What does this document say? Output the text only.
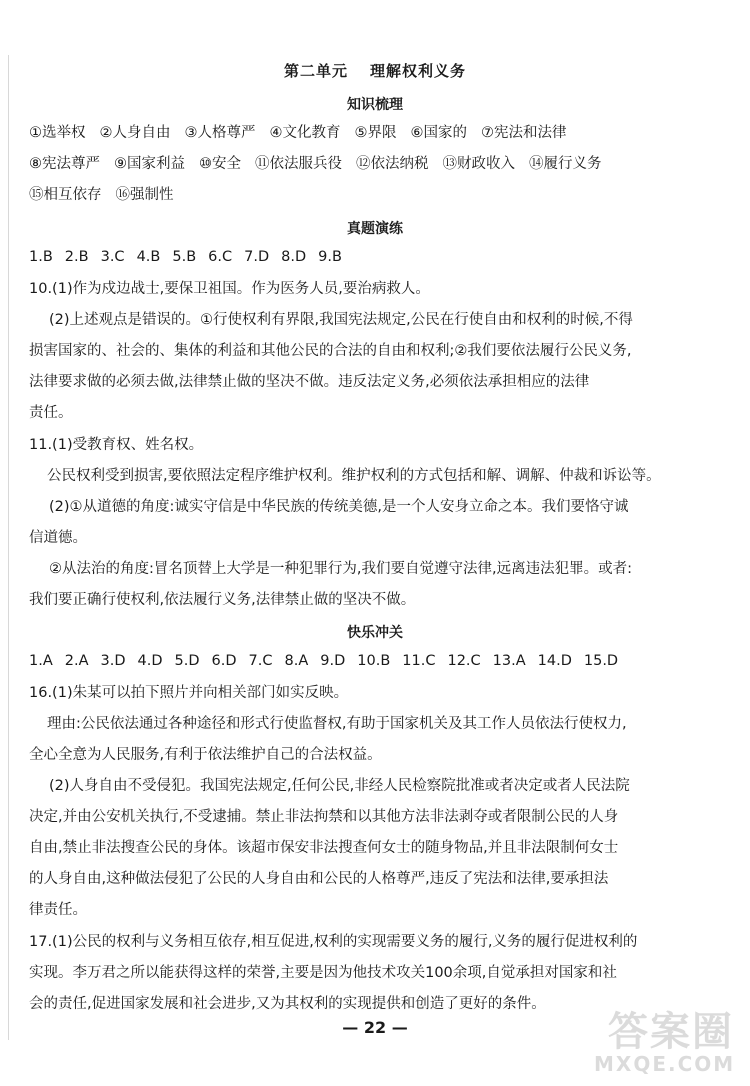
第二单元 理解权利义务
知识梳理
①选举权 ②人身自由 ③人格尊严 ④文化教育 ⑤界限 ⑥国家的 ⑦宪法和法律
⑧宪法尊严 ⑨国家利益 ⑩安全 ⑪依法服兵役 ⑫依法纳税 ⑬财政收入 ⑭履行义务
⑮相互依存 ⑯强制性
真题演练
1.B 2.B 3.C 4.B 5.B 6.C 7.D 8.D 9.B
10.(1)作为戍边战士,要保卫祖国。作为医务人员,要治病救人。
(2)上述观点是错误的。①行使权利有界限,我国宪法规定,公民在行使自由和权利的时候,不得
损害国家的、社会的、集体的利益和其他公民的合法的自由和权利;②我们要依法履行公民义务,
法律要求做的必须去做,法律禁止做的坚决不做。违反法定义务,必须依法承担相应的法律
责任。
11.(1)受教育权、姓名权。
公民权利受到损害,要依照法定程序维护权利。维护权利的方式包括和解、调解、仲裁和诉讼等。
(2)①从道德的角度:诚实守信是中华民族的传统美德,是一个人安身立命之本。我们要恪守诚
信道德。
②从法治的角度:冒名顶替上大学是一种犯罪行为,我们要自觉遵守法律,远离违法犯罪。或者:
我们要正确行使权利,依法履行义务,法律禁止做的坚决不做。
快乐冲关
1.A 2.A 3.D 4.D 5.D 6.D 7.C 8.A 9.D 10.B 11.C 12.C 13.A 14.D 15.D
16.(1)朱某可以拍下照片并向相关部门如实反映。
理由:公民依法通过各种途径和形式行使监督权,有助于国家机关及其工作人员依法行使权力,
全心全意为人民服务,有利于依法维护自己的合法权益。
(2)人身自由不受侵犯。我国宪法规定,任何公民,非经人民检察院批准或者决定或者人民法院
决定,并由公安机关执行,不受逮捕。禁止非法拘禁和以其他方法非法剥夺或者限制公民的人身
自由,禁止非法搜查公民的身体。该超市保安非法搜查何女士的随身物品,并且非法限制何女士
的人身自由,这种做法侵犯了公民的人身自由和公民的人格尊严,违反了宪法和法律,要承担法
律责任。
17.(1)公民的权利与义务相互依存,相互促进,权利的实现需要义务的履行,义务的履行促进权利的
实现。李万君之所以能获得这样的荣誉,主要是因为他技术攻关100余项,自觉承担对国家和社
会的责任,促进国家发展和社会进步,又为其权利的实现提供和创造了更好的条件。
— 22 —	答案圈
MXQE.COM
